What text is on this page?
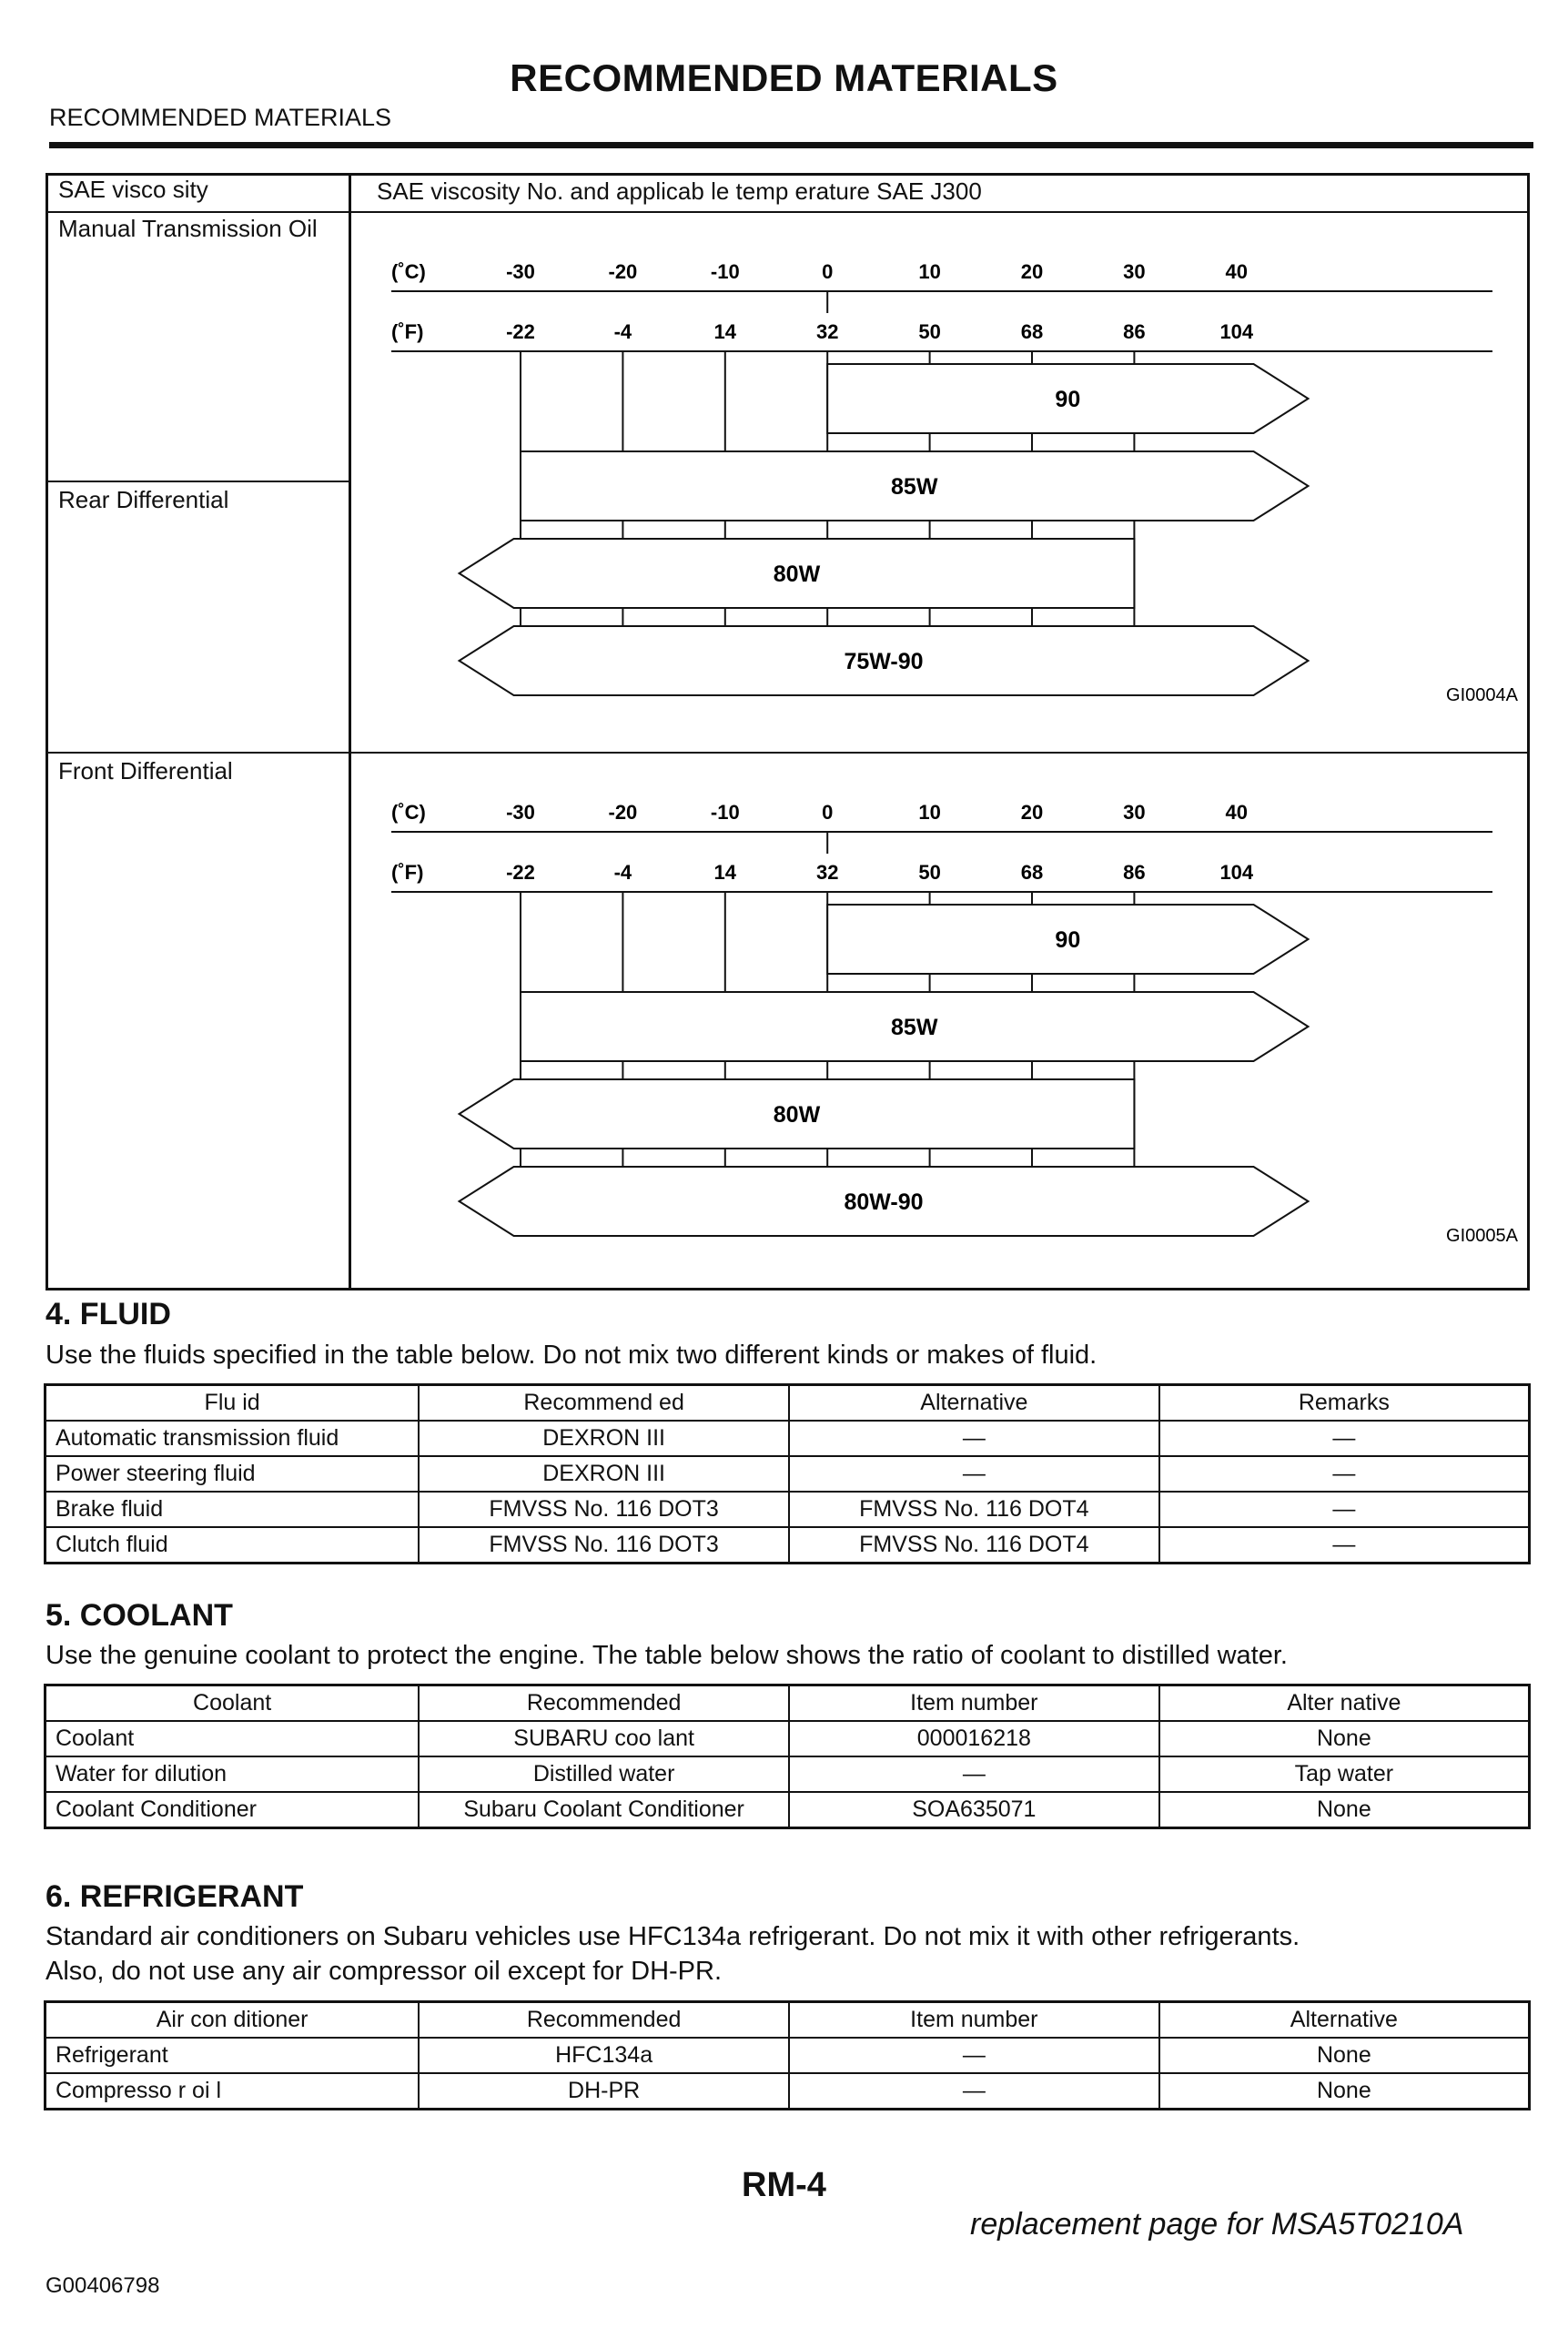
RECOMMENDED MATERIALS
RECOMMENDED MATERIALS
SAE visco sity	SAE viscosity No. and applicab le temp erature SAE J300
Manual Transmission Oil
Rear Differential
Front Differential
(˚C)	-30	-20	-10	0	10	20	30	40
(˚F)	-22	-4	14	32	50	68	86	104
90
85W
80W
75W-90
GI0004A
(˚C)	-30	-20	-10	0	10	20	30	40
(˚F)	-22	-4	14	32	50	68	86	104
90
85W
80W
80W-90
GI0005A
4. FLUID
Use the fluids specified in the table below. Do not mix two different kinds or makes of fluid.
Flu id	Recommend ed	Alternative	Remarks
Automatic transmission fluid	DEXRON III	—	—
Power steering fluid	DEXRON III	—	—
Brake fluid	FMVSS No. 116 DOT3	FMVSS No. 116 DOT4	—
Clutch fluid	FMVSS No. 116 DOT3	FMVSS No. 116 DOT4	—
5. COOLANT
Use the genuine coolant to protect the engine. The table below shows the ratio of coolant to distilled water.
Coolant	Recommended	Item number	Alter native
Coolant	SUBARU coo lant	000016218	None
Water for dilution	Distilled water	—	Tap water
Coolant Conditioner	Subaru Coolant Conditioner	SOA635071	None
6. REFRIGERANT
Standard air conditioners on Subaru vehicles use HFC134a refrigerant. Do not mix it with other refrigerants.
Also, do not use any air compressor oil except for DH-PR.
Air con ditioner	Recommended	Item number	Alternative
Refrigerant	HFC134a	—	None
Compresso r oi l	DH-PR	—	None
RM-4
replacement page for MSA5T0210A
G00406798
